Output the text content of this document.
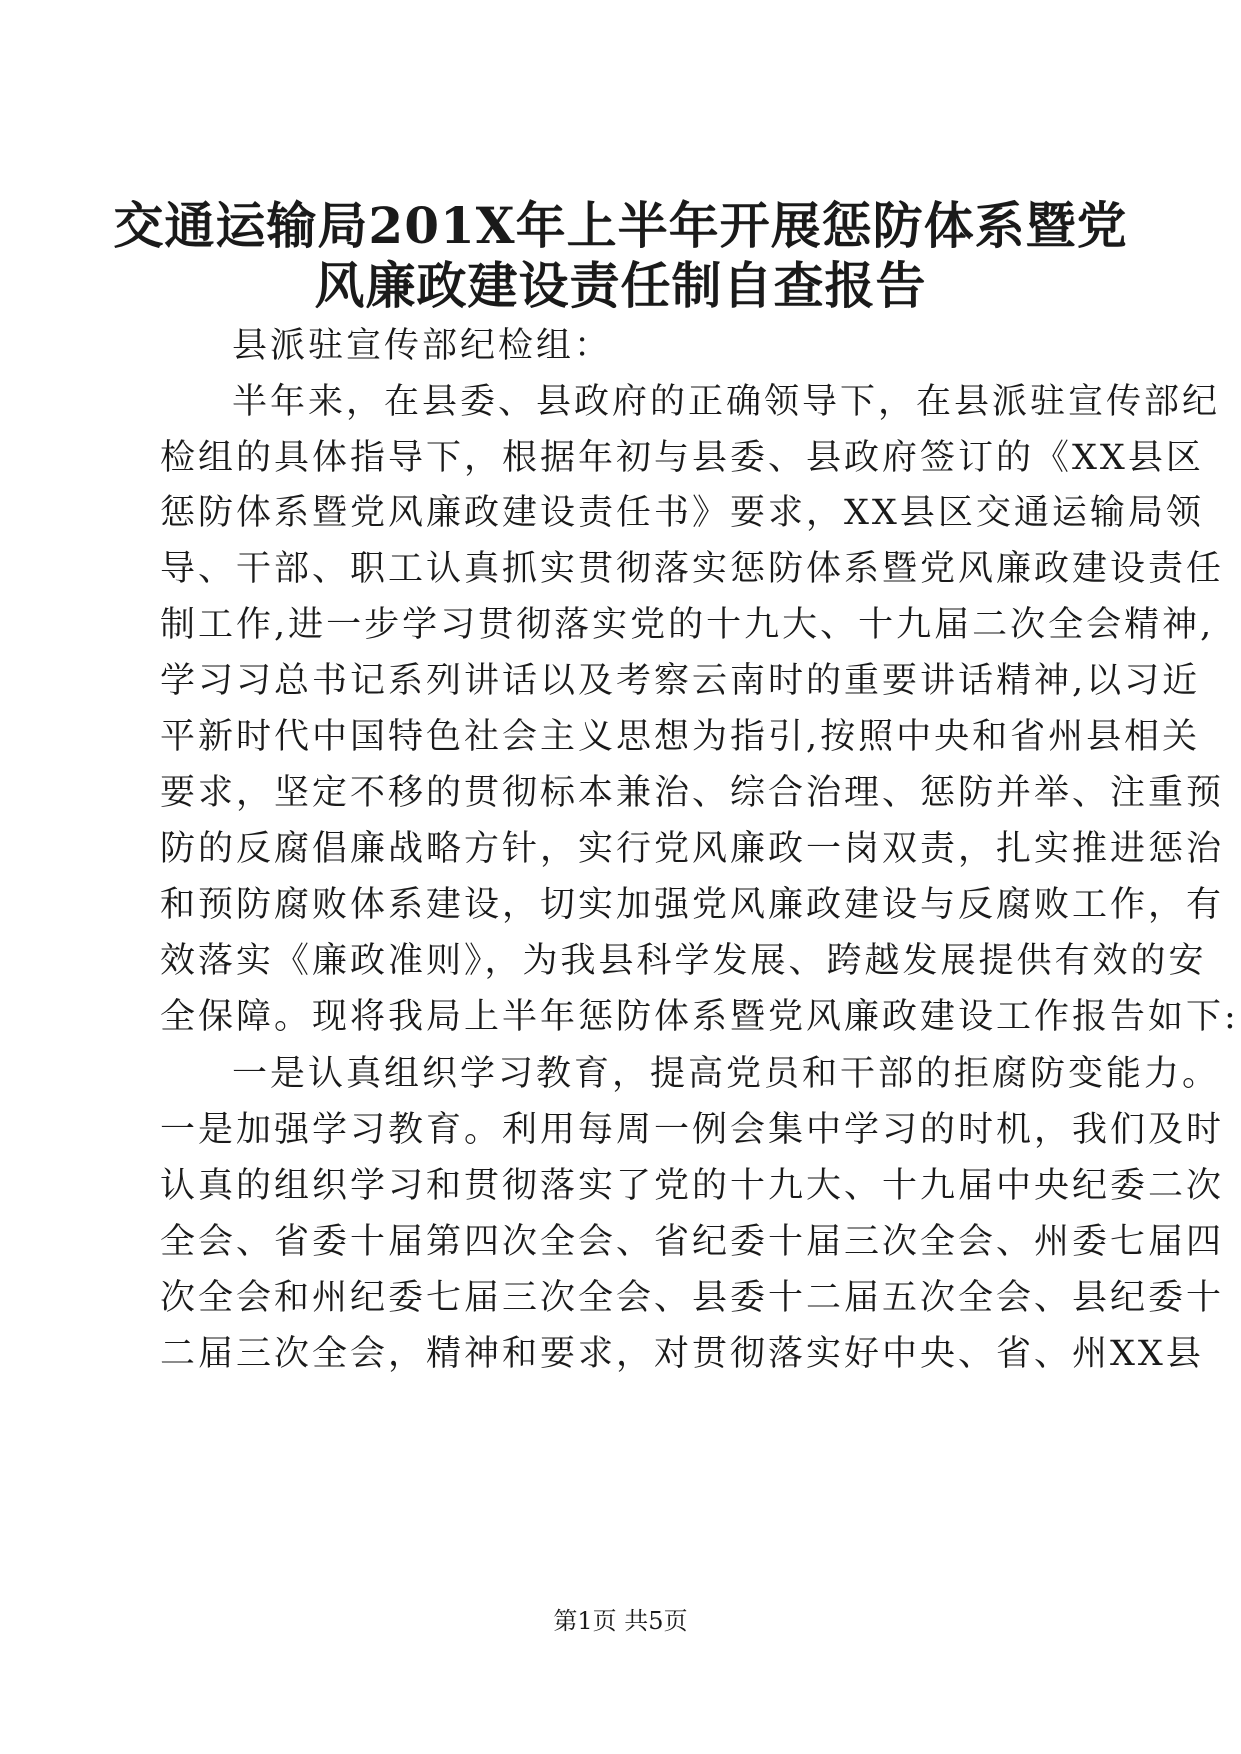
交通运输局201X年上半年开展惩防体系暨党
风廉政建设责任制自查报告
县派驻宣传部纪检组：
半年来，在县委、县政府的正确领导下，在县派驻宣传部纪
检组的具体指导下，根据年初与县委、县政府签订的《XX县区
惩防体系暨党风廉政建设责任书》要求，XX县区交通运输局领
导、干部、职工认真抓实贯彻落实惩防体系暨党风廉政建设责任
制工作,进一步学习贯彻落实党的十九大、十九届二次全会精神,
学习习总书记系列讲话以及考察云南时的重要讲话精神,以习近
平新时代中国特色社会主义思想为指引,按照中央和省州县相关
要求，坚定不移的贯彻标本兼治、综合治理、惩防并举、注重预
防的反腐倡廉战略方针，实行党风廉政一岗双责，扎实推进惩治
和预防腐败体系建设，切实加强党风廉政建设与反腐败工作，有
效落实《廉政准则》，为我县科学发展、跨越发展提供有效的安
全保障。现将我局上半年惩防体系暨党风廉政建设工作报告如下:
一是认真组织学习教育，提高党员和干部的拒腐防变能力。
一是加强学习教育。利用每周一例会集中学习的时机，我们及时
认真的组织学习和贯彻落实了党的十九大、十九届中央纪委二次
全会、省委十届第四次全会、省纪委十届三次全会、州委七届四
次全会和州纪委七届三次全会、县委十二届五次全会、县纪委十
二届三次全会，精神和要求，对贯彻落实好中央、省、州XX县
第1页 共5页
